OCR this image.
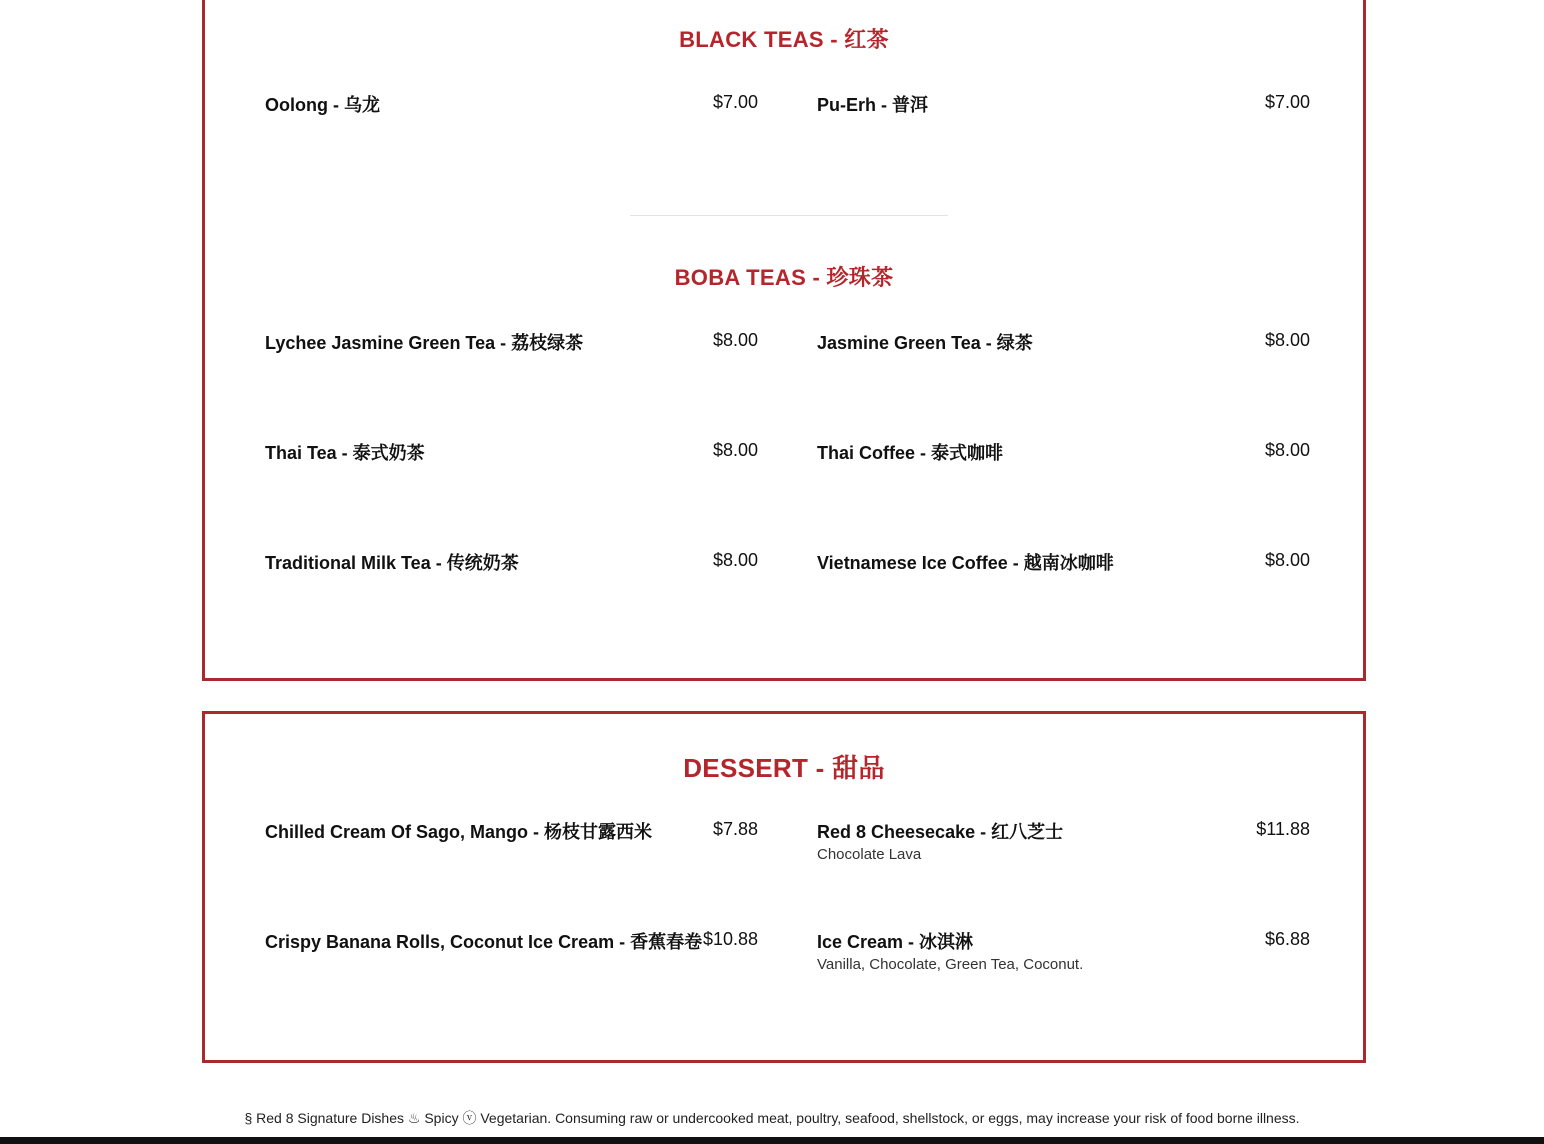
BLACK TEAS - 红茶
Oolong - 乌龙	$7.00	Pu-Erh - 普洱	$7.00
BOBA TEAS - 珍珠茶
Lychee Jasmine Green Tea - 荔枝绿茶	$8.00	Jasmine Green Tea - 绿茶	$8.00
Thai Tea - 泰式奶茶	$8.00	Thai Coffee - 泰式咖啡	$8.00
Traditional Milk Tea - 传统奶茶	$8.00	Vietnamese Ice Coffee - 越南冰咖啡	$8.00
DESSERT - 甜品
Chilled Cream Of Sago, Mango - 杨枝甘露西米	$7.88	Red 8 Cheesecake - 红八芝士	$11.88
Chocolate Lava
Crispy Banana Rolls, Coconut Ice Cream - 香蕉春卷 $10.88	Ice Cream - 冰淇淋	$6.88
Vanilla, Chocolate, Green Tea, Coconut.
§ Red 8 Signature Dishes ♨ Spicy ⓥ Vegetarian. Consuming raw or undercooked meat, poultry, seafood, shellstock, or eggs, may increase your risk of food borne illness.
